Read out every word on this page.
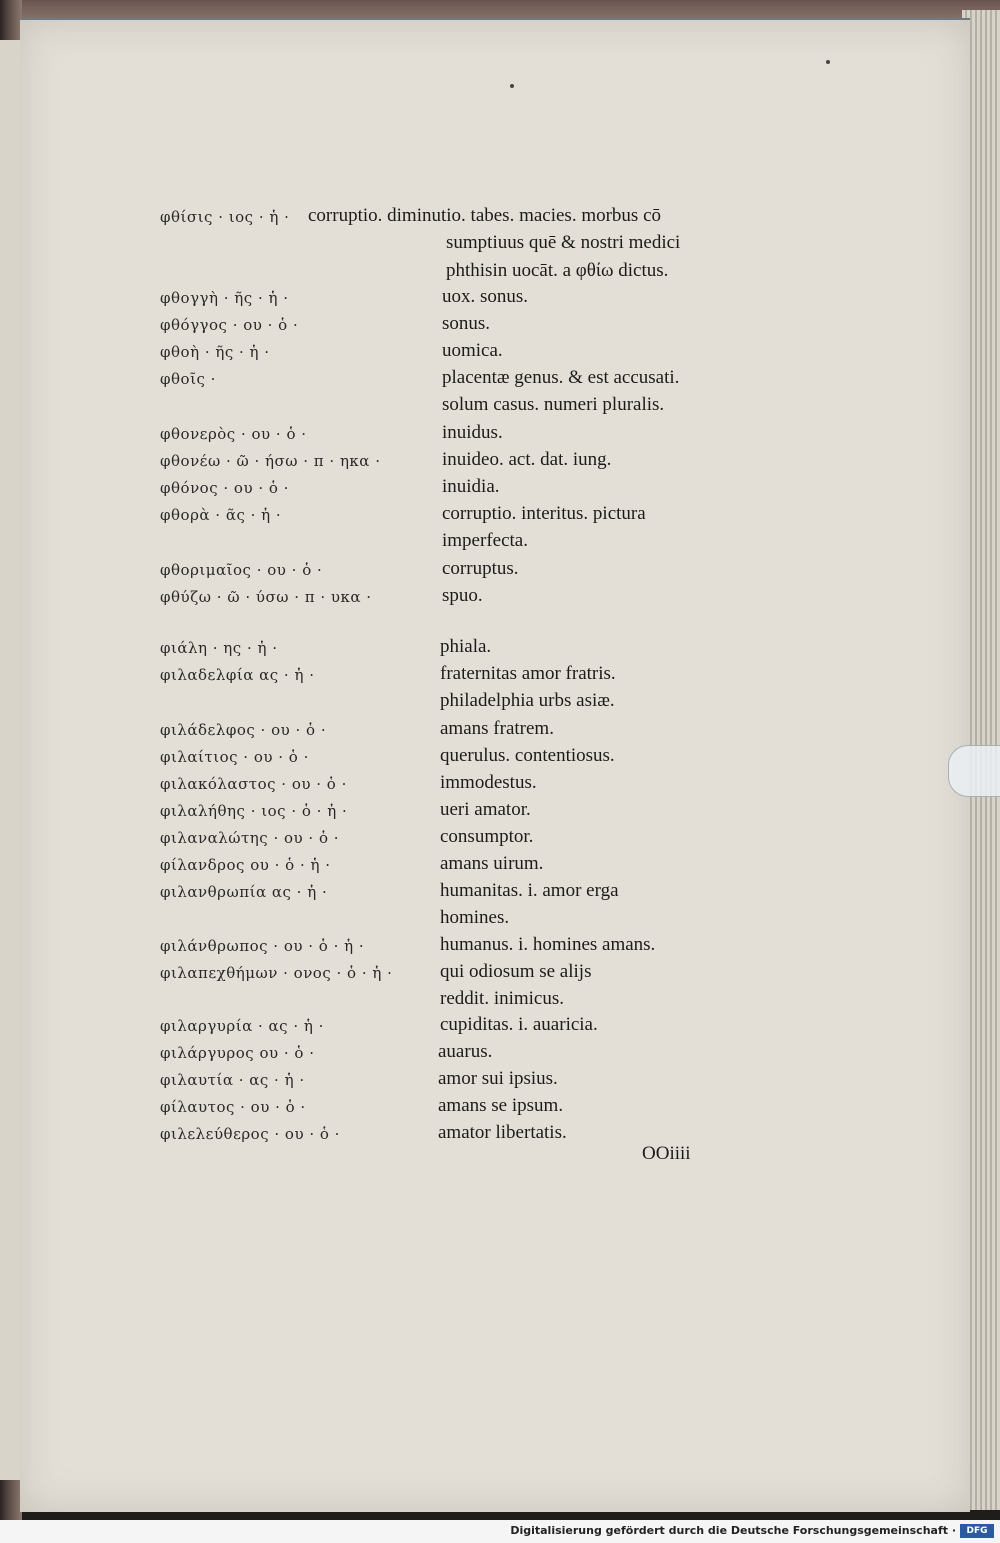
φθίσις · ιος · ἡ · corruptio. diminutio. tabes. macies. morbus cō
sumptiuus quē & nostri medici
phthisin uocāt. a φθίω dictus.
φθογγὴ · ῆς · ἡ ·	uox. sonus.
φθόγγος · ου · ὁ ·	sonus.
φθοὴ · ῆς · ἡ ·	uomica.
φθοῖς ·	placentæ genus. & est accusati.
solum casus. numeri pluralis.
φθονερὸς · ου · ὁ ·	inuidus.
φθονέω · ῶ · ήσω · π · ηκα ·	inuideo. act. dat. iung.
φθόνος · ου · ὁ ·	inuidia.
φθορὰ · ᾶς · ἡ ·	corruptio. interitus. pictura
imperfecta.
φθοριμαῖος · ου · ὁ ·	corruptus.
φθύζω · ῶ · ύσω · π · υκα ·	spuo.
φιάλη · ης · ἡ ·	phiala.
φιλαδελφία ας · ἡ ·	fraternitas amor fratris.
philadelphia urbs asiæ.
φιλάδελφος · ου · ὁ ·	amans fratrem.
φιλαίτιος · ου · ὁ ·	querulus. contentiosus.
φιλακόλαστος · ου · ὁ ·	immodestus.
φιλαλήθης · ιος · ὁ · ἡ ·	ueri amator.
φιλαναλώτης · ου · ὁ ·	consumptor.
φίλανδρος ου · ὁ · ἡ ·	amans uirum.
φιλανθρωπία ας · ἡ ·	humanitas. i. amor erga
homines.
φιλάνθρωπος · ου · ὁ · ἡ ·	humanus. i. homines amans.
φιλαπεχθήμων · ονος · ὁ · ἡ ·	qui odiosum se alijs
reddit. inimicus.
φιλαργυρία · ας · ἡ ·	cupiditas. i. auaricia.
φιλάργυρος ου · ὁ ·	auarus.
φιλαυτία · ας · ἡ ·	amor sui ipsius.
φίλαυτος · ου · ὁ ·	amans se ipsum.
φιλελεύθερος · ου · ὁ ·	amator libertatis.
OOiiii
Digitalisierung gefördert durch die Deutsche Forschungsgemeinschaft ·	DFG
